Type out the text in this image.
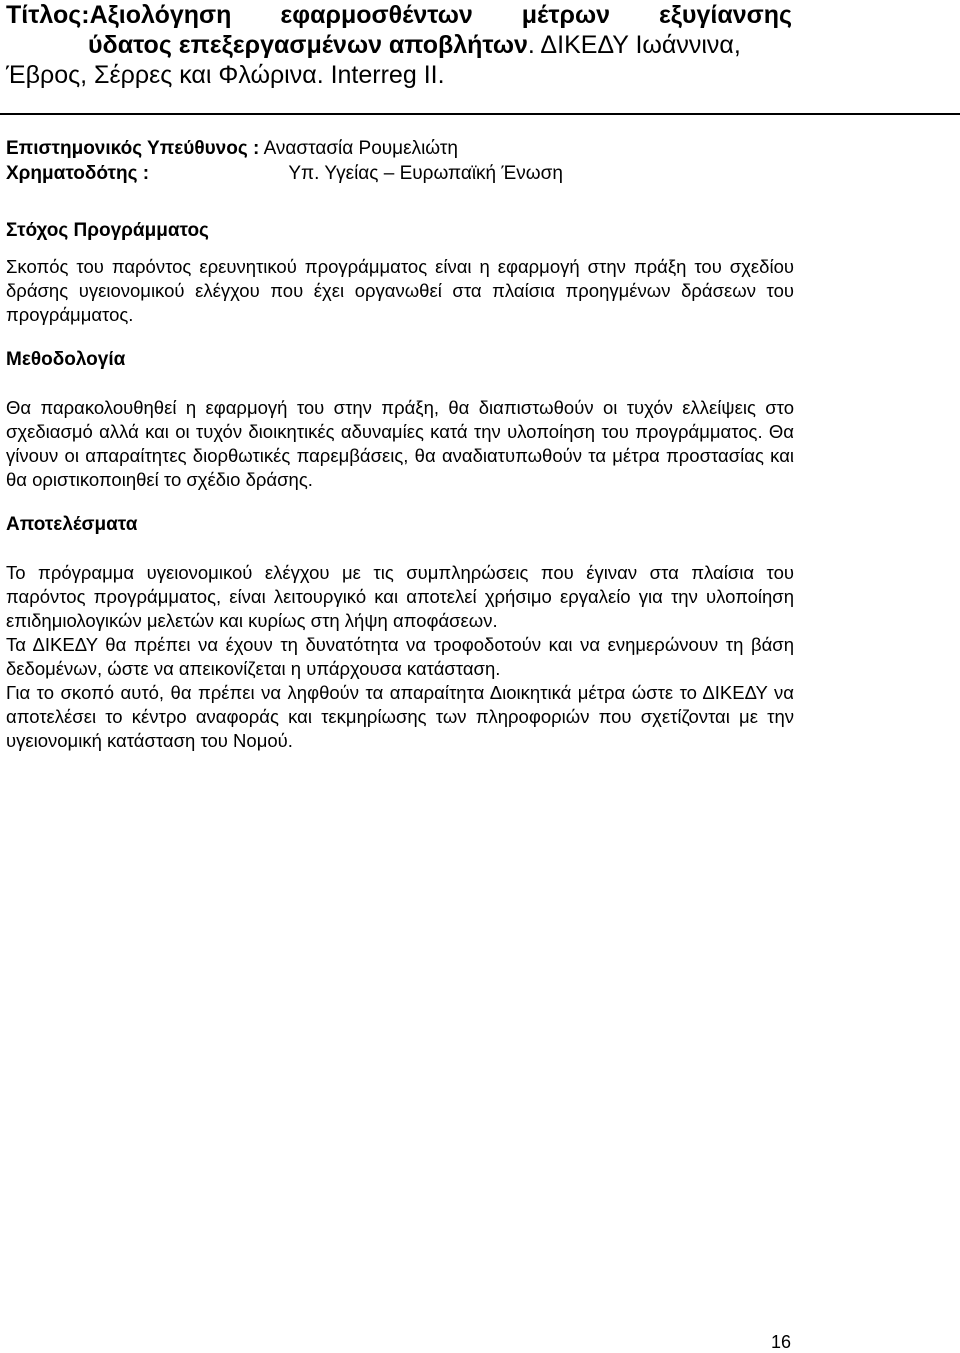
Τίτλος:Αξιολόγηση εφαρμοσθέντων μέτρων εξυγίανσης
ύδατος επεξεργασμένων αποβλήτων. ΔΙΚΕΔΥ Ιωάννινα,
Έβρος, Σέρρες και Φλώρινα. Interreg II.
Επιστημονικός Υπεύθυνος : Αναστασία Ρουμελιώτη
Χρηματοδότης :	Υπ. Υγείας – Ευρωπαϊκή Ένωση
Στόχος Προγράμματος

Σκοπός του παρόντος ερευνητικού προγράμματος είναι η εφαρμογή στην πράξη του σχεδίου δράσης υγειονομικού ελέγχου που έχει οργανωθεί στα πλαίσια προηγμένων δράσεων του προγράμματος.

Μεθοδολογία

Θα παρακολουθηθεί η εφαρμογή του στην πράξη, θα διαπιστωθούν οι τυχόν ελλείψεις στο σχεδιασμό αλλά και οι τυχόν διοικητικές αδυναμίες κατά την υλοποίηση του προγράμματος. Θα γίνουν οι απαραίτητες διορθωτικές παρεμβάσεις, θα αναδιατυπωθούν τα μέτρα προστασίας και θα οριστικοποιηθεί το σχέδιο δράσης.

Αποτελέσματα

Το πρόγραμμα υγειονομικού ελέγχου με τις συμπληρώσεις που έγιναν στα πλαίσια του παρόντος προγράμματος, είναι λειτουργικό και αποτελεί χρήσιμο εργαλείο για την υλοποίηση επιδημιολογικών μελετών και κυρίως στη λήψη αποφάσεων.

Τα ΔΙΚΕΔΥ θα πρέπει να έχουν τη δυνατότητα να τροφοδοτούν και να ενημερώνουν τη βάση δεδομένων, ώστε να απεικονίζεται η υπάρχουσα κατάσταση.

Για το σκοπό αυτό, θα πρέπει να ληφθούν τα απαραίτητα Διοικητικά μέτρα ώστε το ΔΙΚΕΔΥ να αποτελέσει το κέντρο αναφοράς και τεκμηρίωσης των πληροφοριών που σχετίζονται με την υγειονομική κατάσταση του Νομού.

16
